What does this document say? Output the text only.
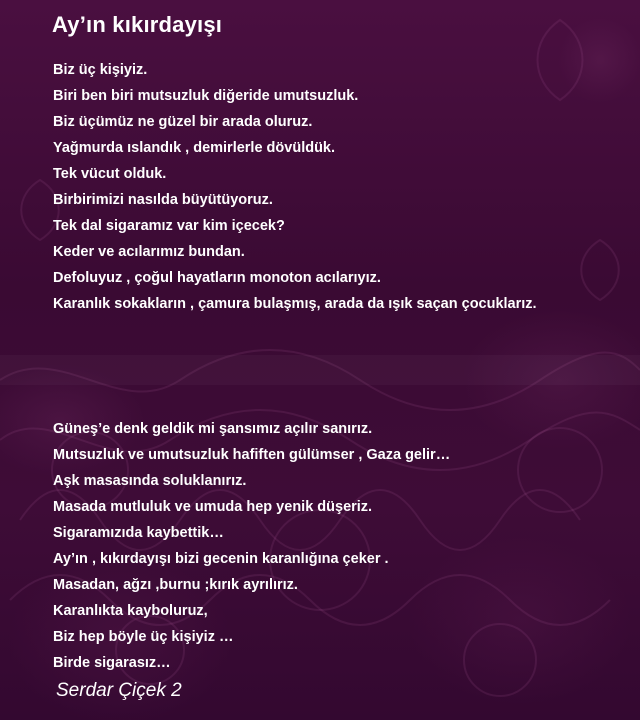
Ay’ın kıkırdayışı
Biz üç kişiyiz.
Biri ben biri mutsuzluk diğeride umutsuzluk.
Biz üçümüz ne güzel bir arada oluruz.
Yağmurda ıslandık , demirlerle dövüldük.
Tek vücut olduk.
Birbirimizi nasılda büyütüyoruz.
Tek dal sigaramız var kim içecek?
Keder ve acılarımız bundan.
Defoluyuz , çoğul hayatların monoton acılarıyız.
Karanlık sokakların , çamura bulaşmış, arada da ışık saçan çocuklarız.
Güneş’e denk geldik mi şansımız açılır sanırız.
Mutsuzluk ve umutsuzluk hafiften gülümser , Gaza gelir…
Aşk masasında soluklanırız.
Masada mutluluk ve umuda hep yenik düşeriz.
Sigaramızıda kaybettik…
Ay’ın , kıkırdayışı bizi gecenin karanlığına çeker .
Masadan, ağzı ,burnu ;kırık ayrılırız.
Karanlıkta kayboluruz,
Biz hep böyle üç kişiyiz …
Birde sigarasız…
Serdar Çiçek 2
